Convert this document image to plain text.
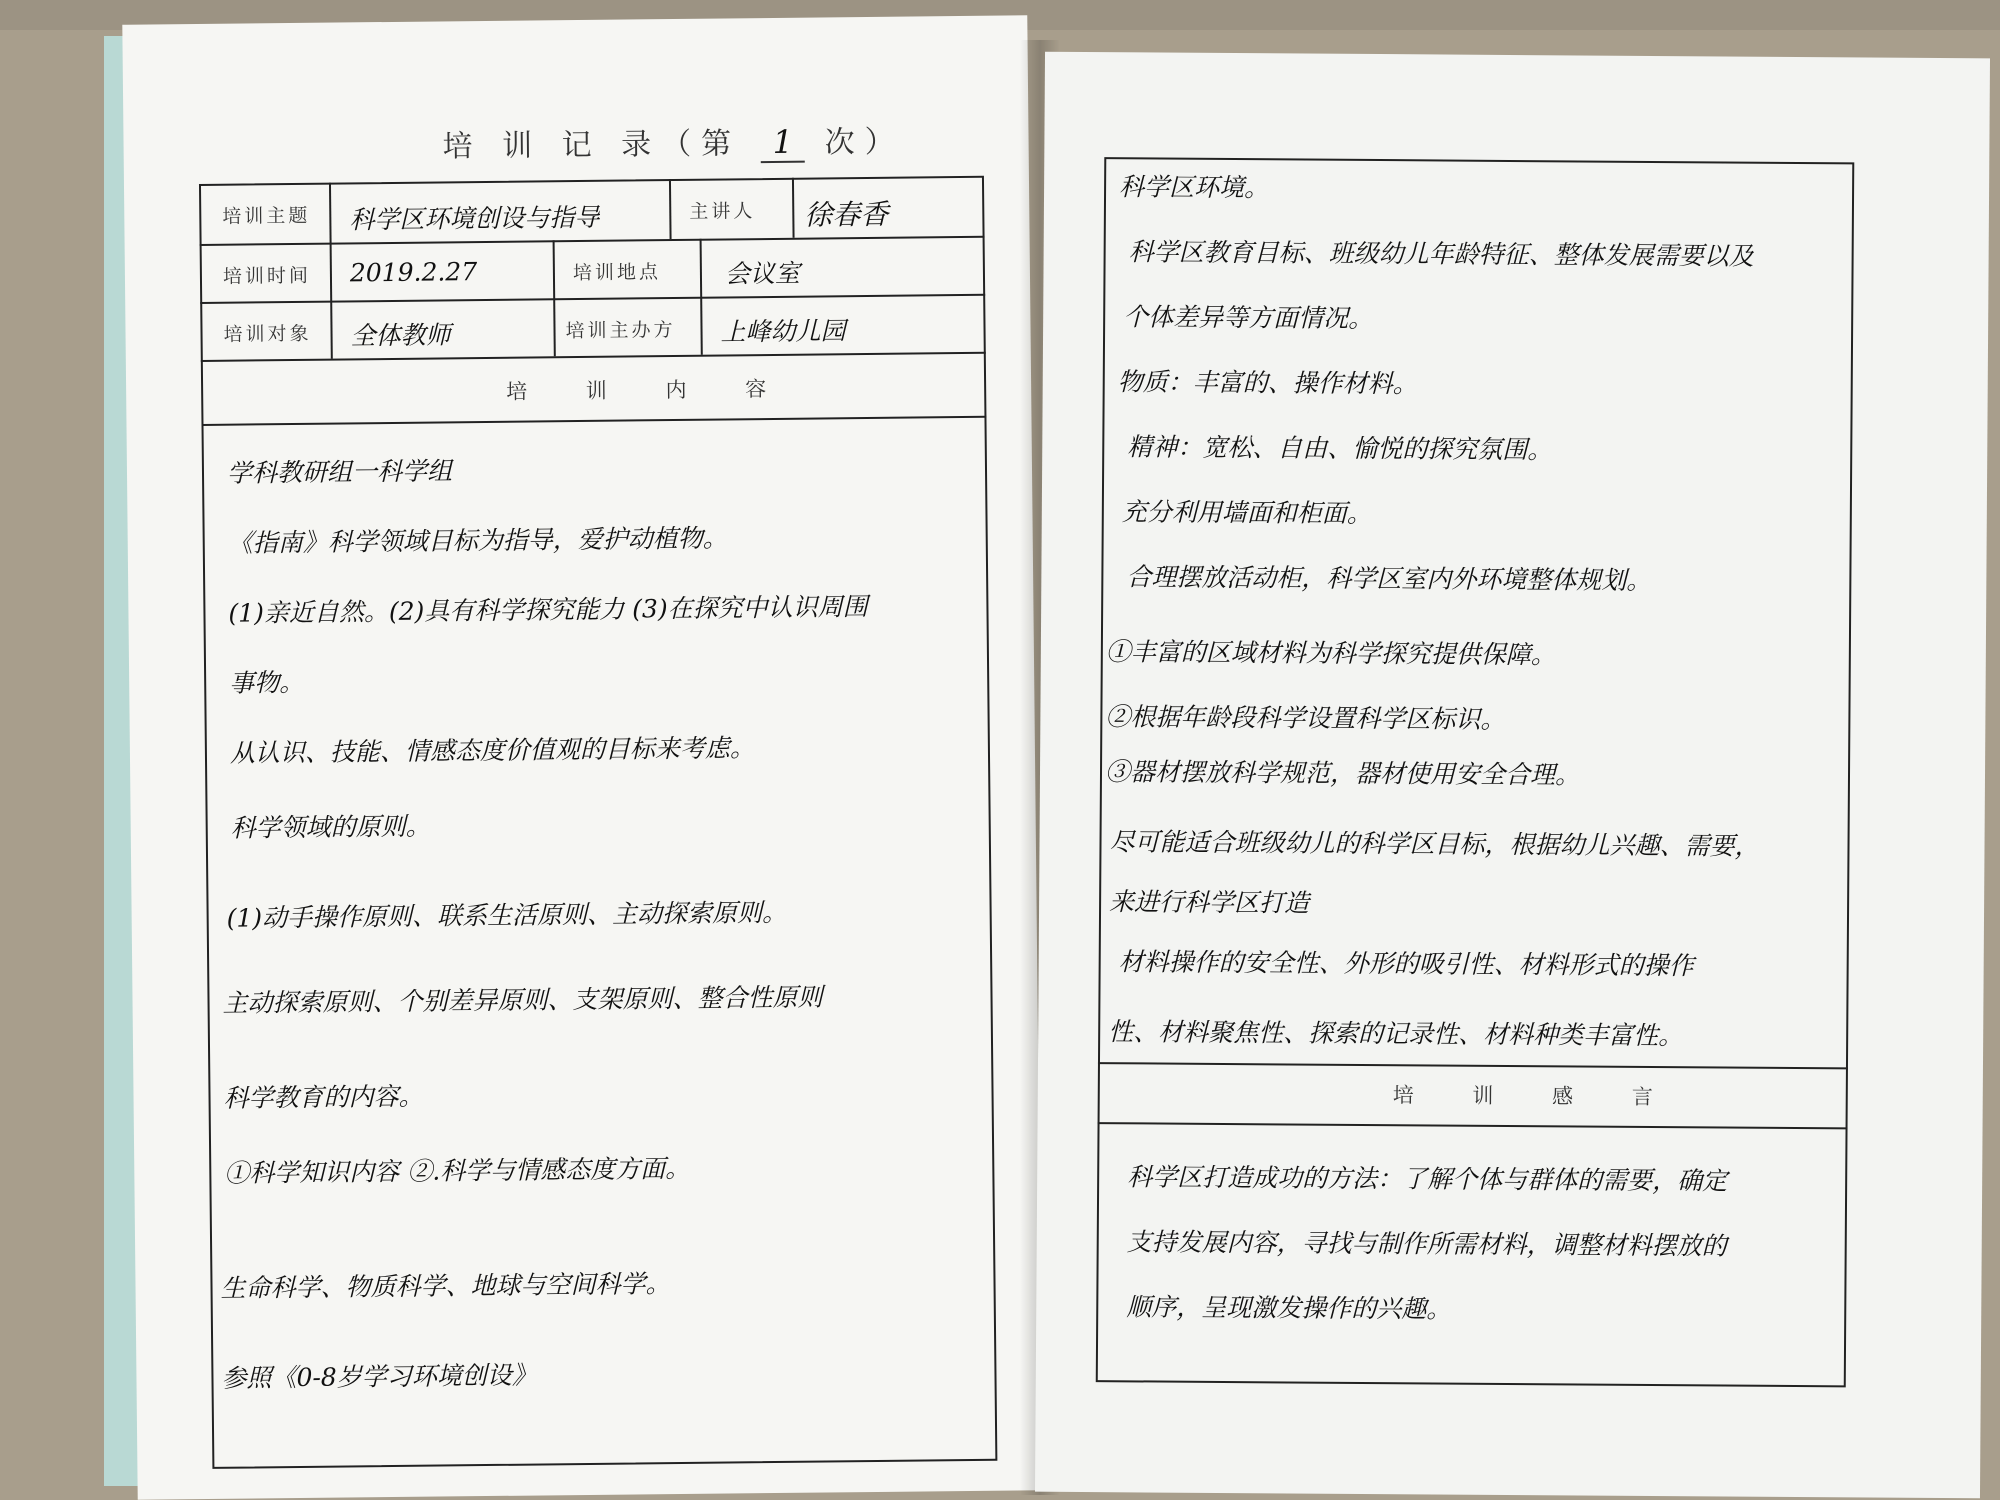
培 训 记 录（第 1 次）
培训主题 科学区环境创设与指导	主讲人 徐春香
培训时间 2019.2.27	培训地点	会议室
培训对象 全体教师	培训主办方 上峰幼儿园
培 训 内 容
学科教研组一科学组
《指南》科学领域目标为指导，爱护动植物。
(1)亲近自然。(2)具有科学探究能力 (3)在探究中认识周围
事物。
从认识、技能、情感态度价值观的目标来考虑。
科学领域的原则。
(1)动手操作原则、联系生活原则、主动探索原则。
主动探索原则、个别差异原则、支架原则、整合性原则
科学教育的内容。
①科学知识内容 ②.科学与情感态度方面。
生命科学、物质科学、地球与空间科学。
参照《0-8岁学习环境创设》
科学区环境。
科学区教育目标、班级幼儿年龄特征、整体发展需要以及
个体差异等方面情况。
物质：丰富的、操作材料。
精神：宽松、自由、愉悦的探究氛围。
充分利用墙面和柜面。
合理摆放活动柜，科学区室内外环境整体规划。
①丰富的区域材料为科学探究提供保障。
②根据年龄段科学设置科学区标识。
③器材摆放科学规范，器材使用安全合理。
尽可能适合班级幼儿的科学区目标，根据幼儿兴趣、需要，
来进行科学区打造
材料操作的安全性、外形的吸引性、材料形式的操作
性、材料聚焦性、探索的记录性、材料种类丰富性。
培 训 感 言
科学区打造成功的方法：了解个体与群体的需要，确定
支持发展内容，寻找与制作所需材料，调整材料摆放的
顺序，呈现激发操作的兴趣。
